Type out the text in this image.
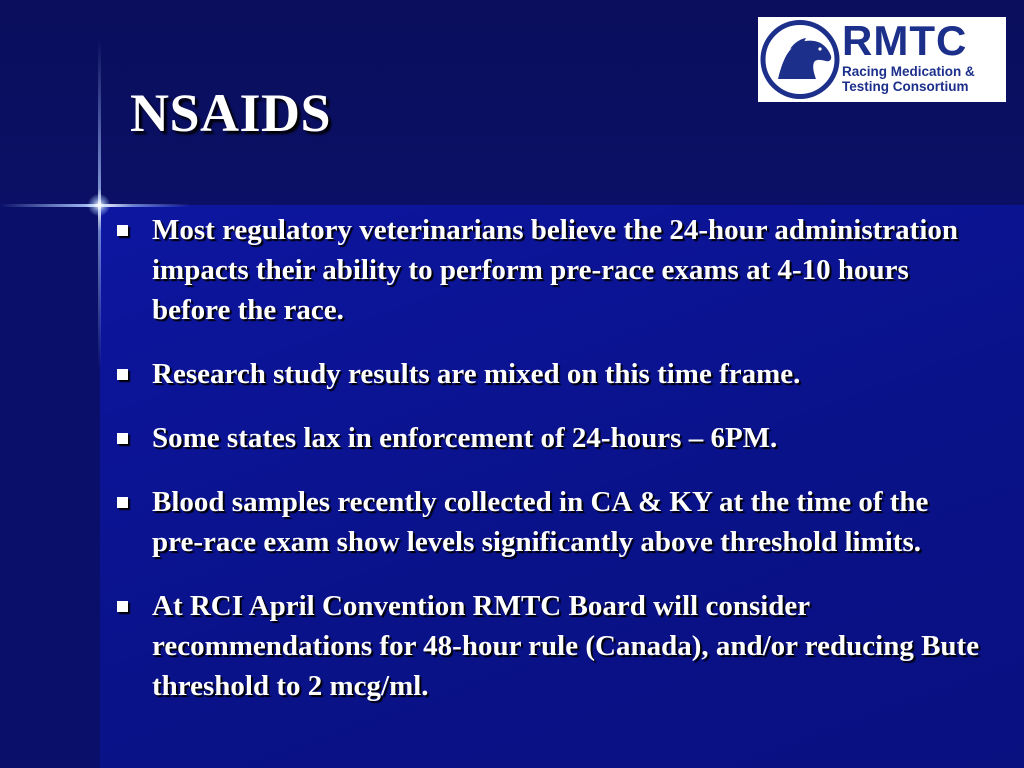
NSAIDS
RMTC
Racing Medication &
Testing Consortium
Most regulatory veterinarians believe the 24-hour administration impacts their ability to perform pre-race exams at 4-10 hours before the race.
Research study results are mixed on this time frame.
Some states lax in enforcement of 24-hours – 6PM.
Blood samples recently collected in CA & KY at the time of the pre-race exam show levels significantly above threshold limits.
At RCI April Convention RMTC Board will consider recommendations for 48-hour rule (Canada), and/or reducing Bute threshold to 2 mcg/ml.
